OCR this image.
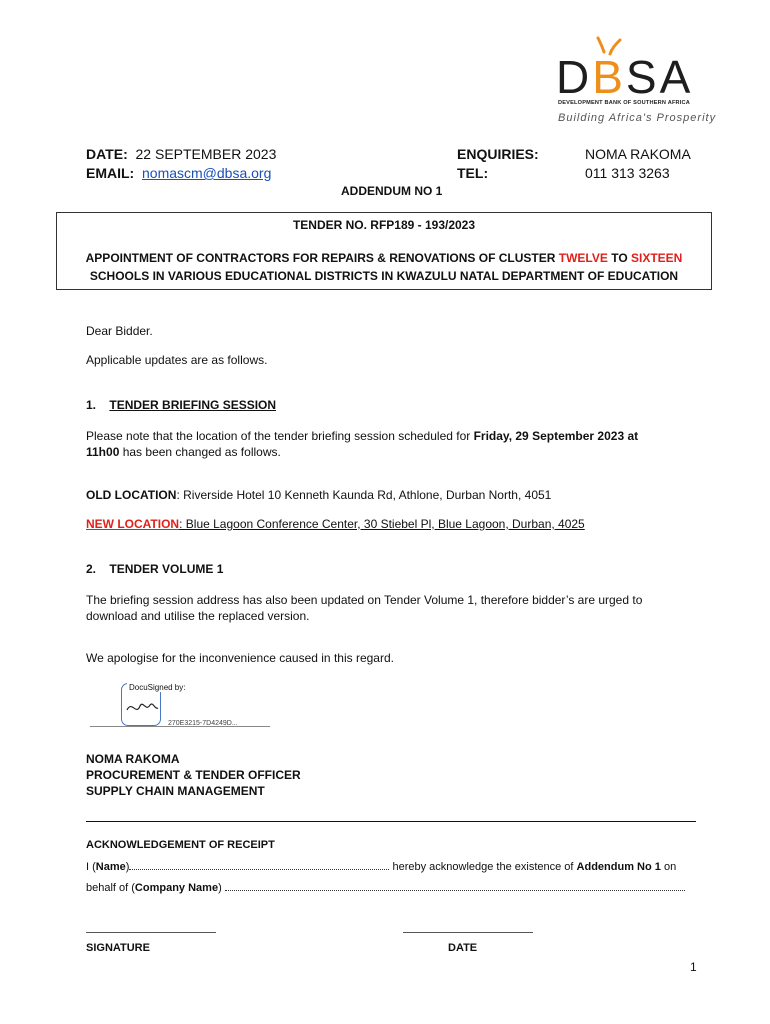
DBSA
DEVELOPMENT BANK OF SOUTHERN AFRICA
Building Africa's Prosperity
DATE: 22 SEPTEMBER 2023
EMAIL: nomascm@dbsa.org
ENQUIRIES:	NOMA RAKOMA
TEL:	011 313 3263
ADDENDUM NO 1
TENDER NO. RFP189 - 193/2023
APPOINTMENT OF CONTRACTORS FOR REPAIRS & RENOVATIONS OF CLUSTER TWELVE TO SIXTEEN
SCHOOLS IN VARIOUS EDUCATIONAL DISTRICTS IN KWAZULU NATAL DEPARTMENT OF EDUCATION
Dear Bidder.
Applicable updates are as follows.
1. TENDER BRIEFING SESSION
Please note that the location of the tender briefing session scheduled for Friday, 29 September 2023 at
11h00 has been changed as follows.
OLD LOCATION: Riverside Hotel 10 Kenneth Kaunda Rd, Athlone, Durban North, 4051
NEW LOCATION: Blue Lagoon Conference Center, 30 Stiebel Pl, Blue Lagoon, Durban, 4025
2. TENDER VOLUME 1
The briefing session address has also been updated on Tender Volume 1, therefore bidder’s are urged to
download and utilise the replaced version.
We apologise for the inconvenience caused in this regard.
DocuSigned by:
270E3215-7D4249D...
NOMA RAKOMA
PROCUREMENT & TENDER OFFICER
SUPPLY CHAIN MANAGEMENT
ACKNOWLEDGEMENT OF RECEIPT
I (Name)	hereby acknowledge the existence of Addendum No 1 on
behalf of (Company Name)
SIGNATURE	DATE
1
